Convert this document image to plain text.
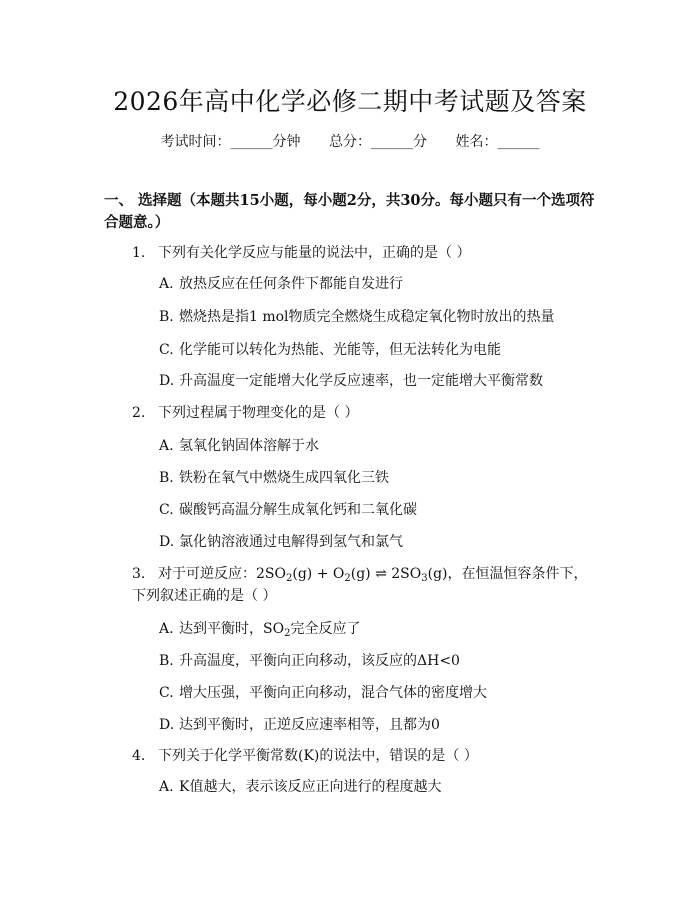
2026年高中化学必修二期中考试题及答案
考试时间：______分钟 总分：______分 姓名：______
一、 选择题（本题共15小题，每小题2分，共30分。每小题只有一个选项符合题意。）
1. 下列有关化学反应与能量的说法中，正确的是（ ）
A. 放热反应在任何条件下都能自发进行
B. 燃烧热是指1 mol物质完全燃烧生成稳定氧化物时放出的热量
C. 化学能可以转化为热能、光能等，但无法转化为电能
D. 升高温度一定能增大化学反应速率，也一定能增大平衡常数
2. 下列过程属于物理变化的是（ ）
A. 氢氧化钠固体溶解于水
B. 铁粉在氧气中燃烧生成四氧化三铁
C. 碳酸钙高温分解生成氧化钙和二氧化碳
D. 氯化钠溶液通过电解得到氢气和氯气
3. 对于可逆反应：$2SO_2(g) + O_2(g)$ ⇌ $2SO_3(g)$，在恒温恒容条件下，下列叙述正确的是（ ）
A. 达到平衡时，$SO_2$完全反应了
B. 升高温度，平衡向正向移动，该反应的ΔH<0
C. 增大压强，平衡向正向移动，混合气体的密度增大
D. 达到平衡时，正逆反应速率相等，且都为0
4. 下列关于化学平衡常数(K)的说法中，错误的是（ ）
A. K值越大，表示该反应正向进行的程度越大
